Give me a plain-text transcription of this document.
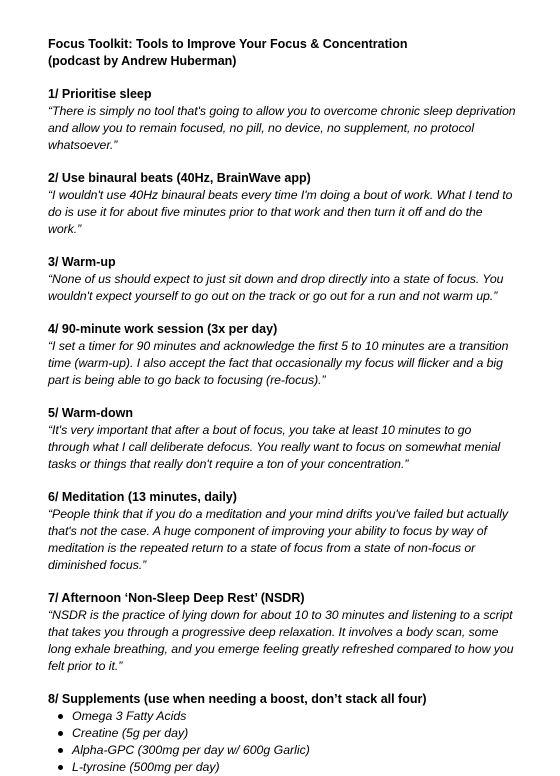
Focus Toolkit: Tools to Improve Your Focus & Concentration

(podcast by Andrew Huberman)

1/ Prioritise sleep

“There is simply no tool that's going to allow you to overcome chronic sleep deprivation and allow you to remain focused, no pill, no device, no supplement, no protocol whatsoever.”

2/ Use binaural beats (40Hz, BrainWave app)

“I wouldn't use 40Hz binaural beats every time I'm doing a bout of work. What I tend to do is use it for about five minutes prior to that work and then turn it off and do the work.”

3/ Warm-up

“None of us should expect to just sit down and drop directly into a state of focus. You wouldn't expect yourself to go out on the track or go out for a run and not warm up.”

4/ 90-minute work session (3x per day)

“I set a timer for 90 minutes and acknowledge the first 5 to 10 minutes are a transition time (warm-up). I also accept the fact that occasionally my focus will flicker and a big part is being able to go back to focusing (re-focus).”

5/ Warm-down

“It's very important that after a bout of focus, you take at least 10 minutes to go through what I call deliberate defocus. You really want to focus on somewhat menial tasks or things that really don't require a ton of your concentration.”

6/ Meditation (13 minutes, daily)

“People think that if you do a meditation and your mind drifts you've failed but actually that's not the case. A huge component of improving your ability to focus by way of meditation is the repeated return to a state of focus from a state of non-focus or diminished focus.”

7/ Afternoon ‘Non-Sleep Deep Rest’ (NSDR)

“NSDR is the practice of lying down for about 10 to 30 minutes and listening to a script that takes you through a progressive deep relaxation. It involves a body scan, some long exhale breathing, and you emerge feeling greatly refreshed compared to how you felt prior to it.”

8/ Supplements (use when needing a boost, don’t stack all four)

Omega 3 Fatty Acids
Creatine (5g per day)
Alpha-GPC (300mg per day w/ 600g Garlic)
L-tyrosine (500mg per day)
